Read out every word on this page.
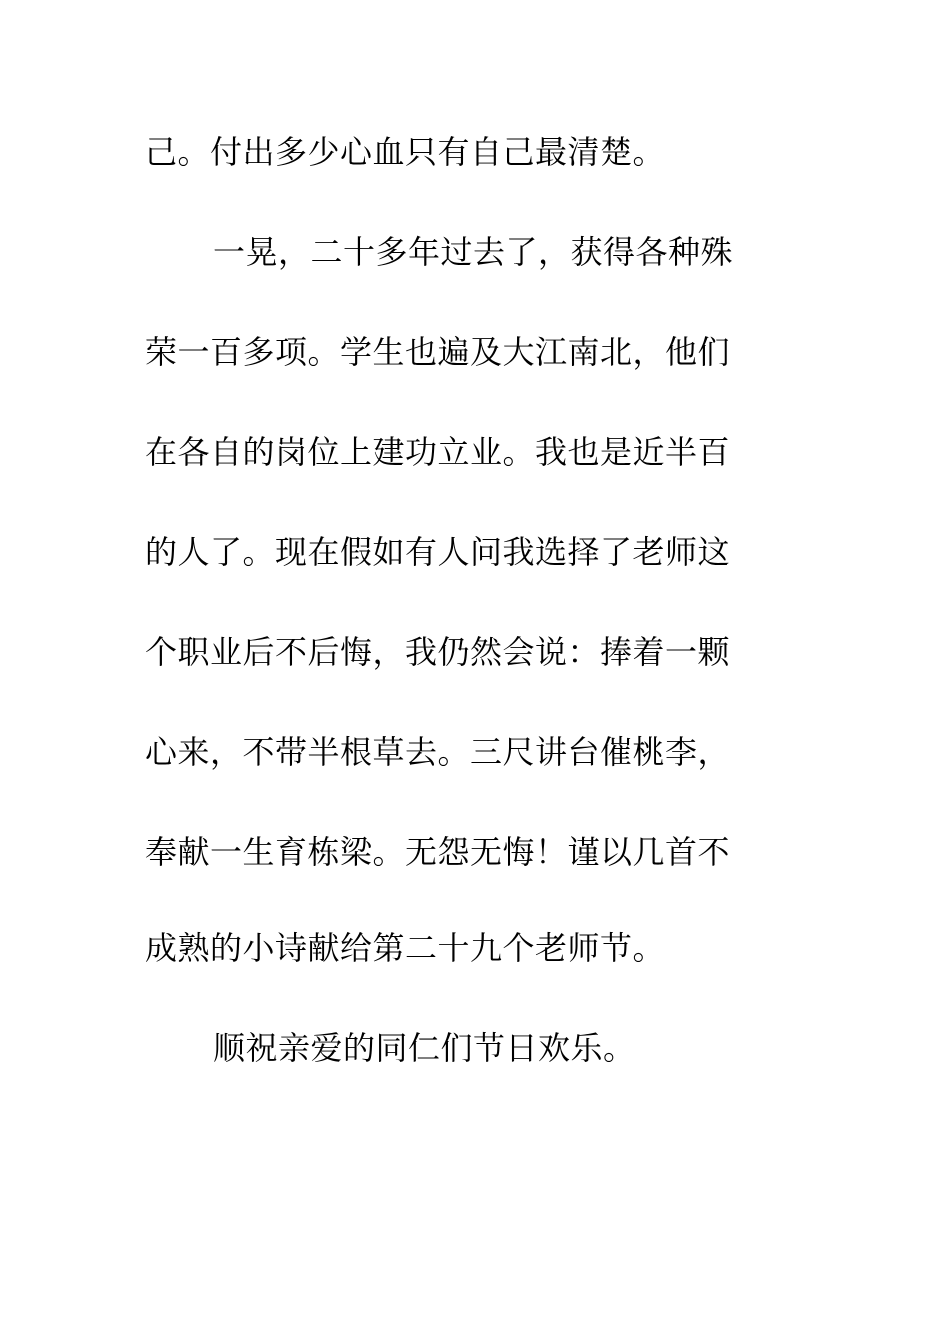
己。付出多少心血只有自己最清楚。
一晃，二十多年过去了，获得各种殊
荣一百多项。学生也遍及大江南北，他们
在各自的岗位上建功立业。我也是近半百
的人了。现在假如有人问我选择了老师这
个职业后不后悔，我仍然会说：捧着一颗
心来，不带半根草去。三尺讲台催桃李，
奉献一生育栋梁。无怨无悔！谨以几首不
成熟的小诗献给第二十九个老师节。
顺祝亲爱的同仁们节日欢乐。
